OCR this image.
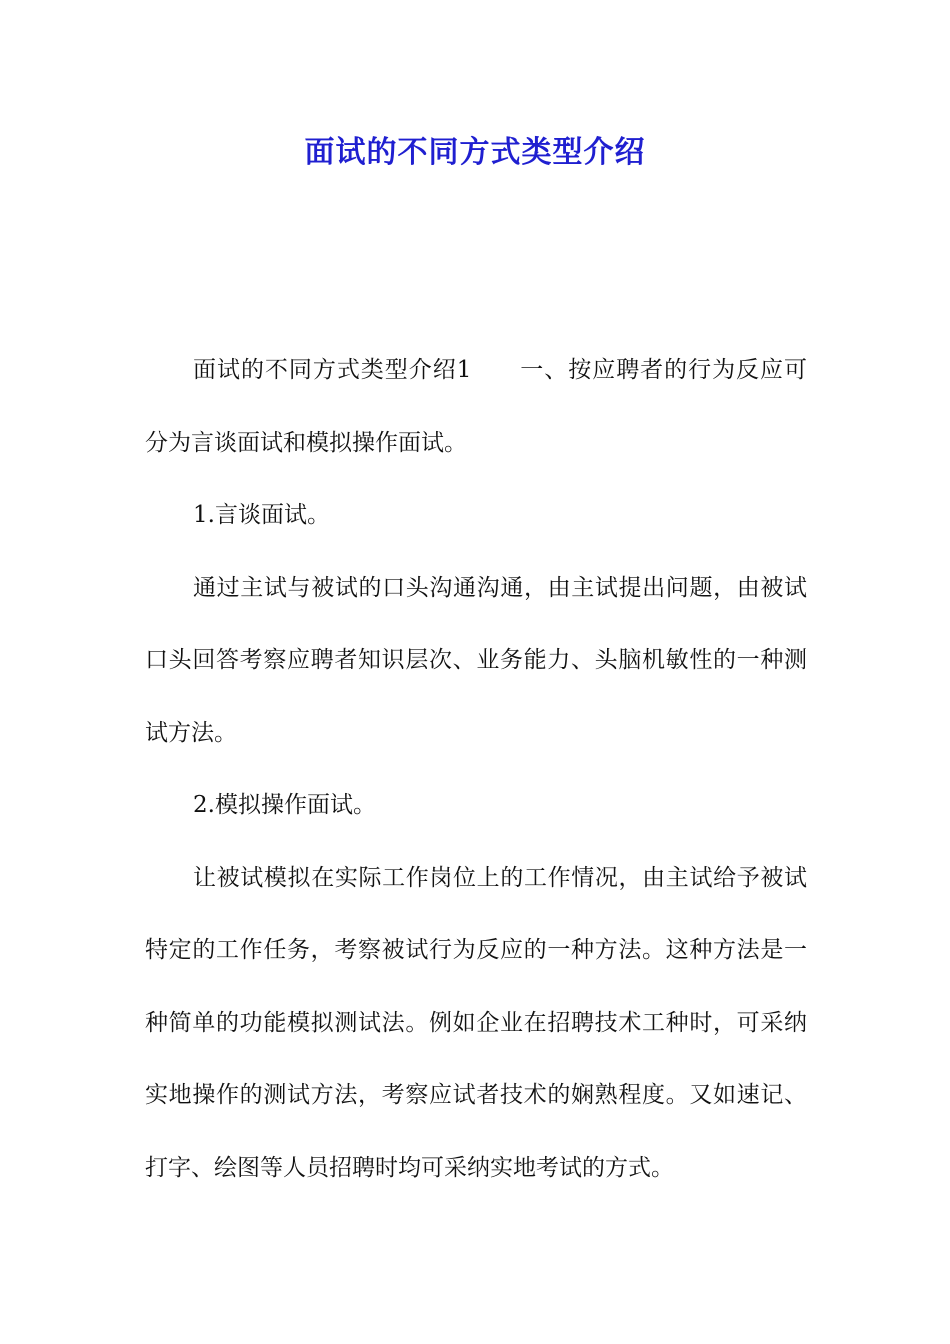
面试的不同方式类型介绍

面试的不同方式类型介绍1 一、按应聘者的行为反应可分为言谈面试和模拟操作面试。

1.言谈面试。

通过主试与被试的口头沟通沟通，由主试提出问题，由被试口头回答考察应聘者知识层次、业务能力、头脑机敏性的一种测试方法。

2.模拟操作面试。

让被试模拟在实际工作岗位上的工作情况，由主试给予被试特定的工作任务，考察被试行为反应的一种方法。这种方法是一种简单的功能模拟测试法。例如企业在招聘技术工种时，可采纳实地操作的测试方法，考察应试者技术的娴熟程度。又如速记、打字、绘图等人员招聘时均可采纳实地考试的方式。
